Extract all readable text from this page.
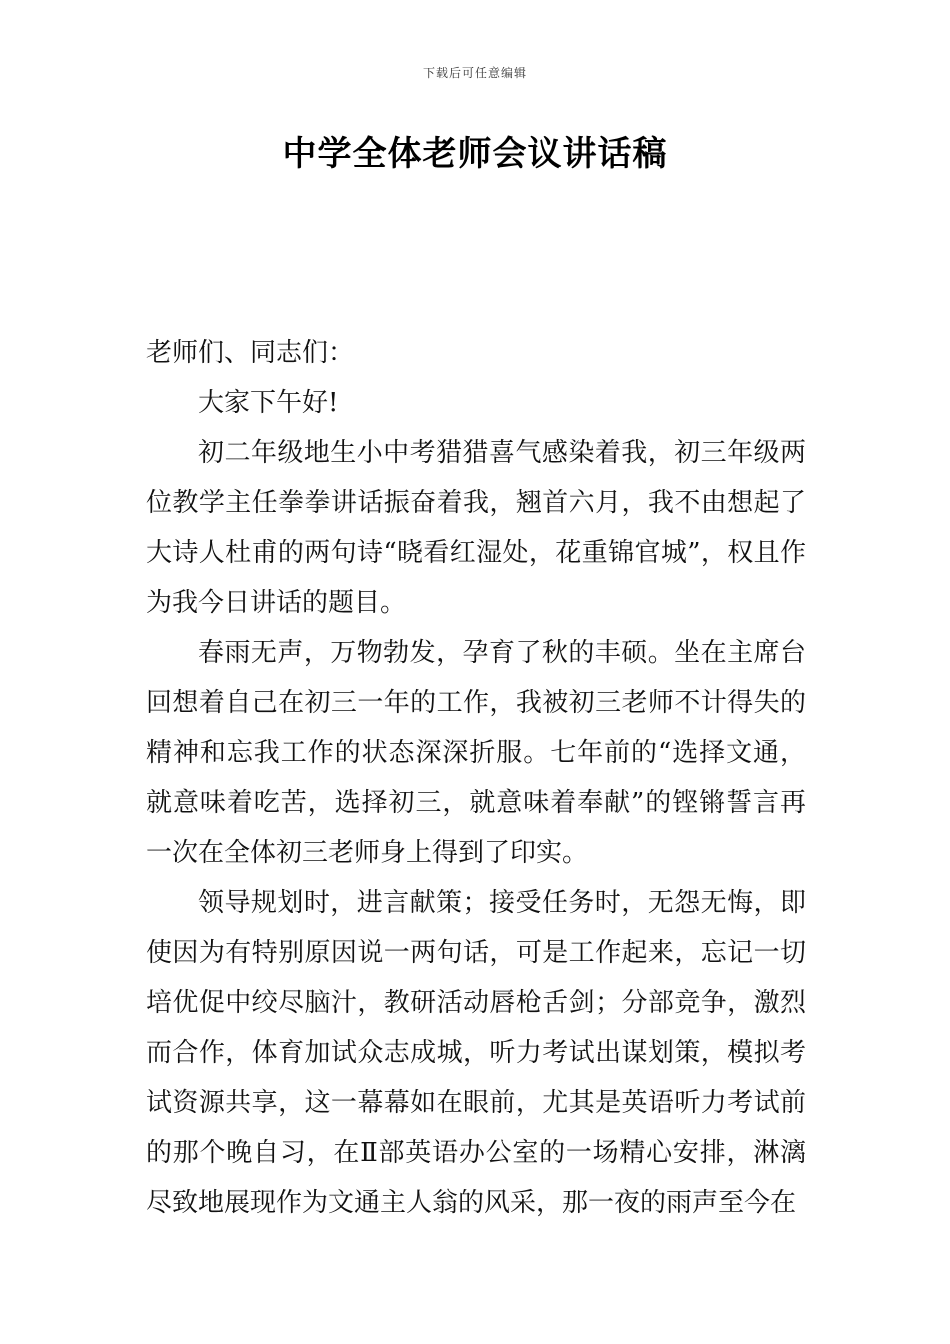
下载后可任意编辑
中学全体老师会议讲话稿

老师们、同志们：

大家下午好!

初二年级地生小中考猎猎喜气感染着我，初三年级两位教学主任拳拳讲话振奋着我，翘首六月，我不由想起了大诗人杜甫的两句诗“晓看红湿处，花重锦官城”，权且作为我今日讲话的题目。

春雨无声，万物勃发，孕育了秋的丰硕。坐在主席台回想着自己在初三一年的工作，我被初三老师不计得失的精神和忘我工作的状态深深折服。七年前的“选择文通，就意味着吃苦，选择初三，就意味着奉献”的铿锵誓言再一次在全体初三老师身上得到了印实。

领导规划时，进言献策；接受任务时，无怨无悔，即使因为有特别原因说一两句话，可是工作起来，忘记一切培优促中绞尽脑汁，教研活动唇枪舌剑；分部竞争，激烈而合作，体育加试众志成城，听力考试出谋划策，模拟考试资源共享，这一幕幕如在眼前，尤其是英语听力考试前的那个晚自习，在Ⅱ部英语办公室的一场精心安排，淋漓尽致地展现作为文通主人翁的风采，那一夜的雨声至今在
